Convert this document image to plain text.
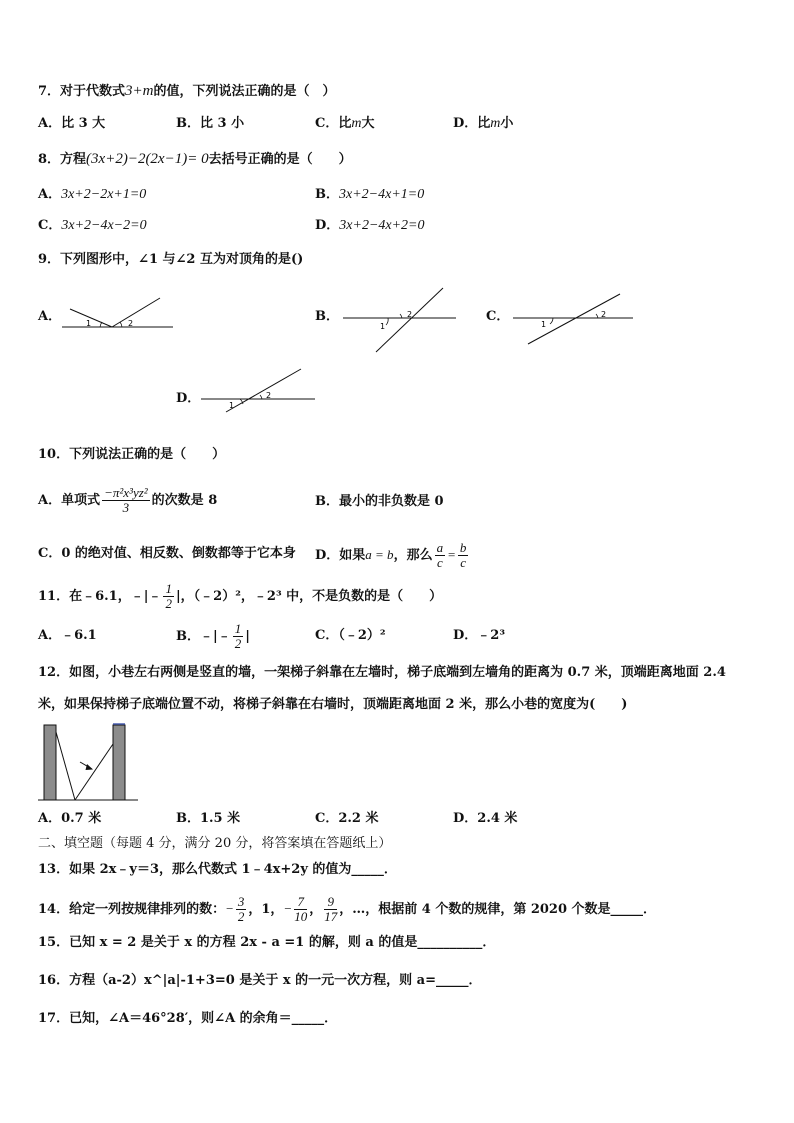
7．对于代数式3+m的值，下列说法正确的是（　）
A．比 3 大	B．比 3 小	C．比m大	D．比m小
8．方程(3x+2)−2(2x−1)= 0去括号正确的是（　　）
A．3x+2−2x+1=0	B．3x+2−4x+1=0
C．3x+2−4x−2=0	D．3x+2−4x+2=0
9．下列图形中，∠1 与∠2 互为对顶角的是()
A．	1	2	B．
1
2	C．
1
2
D．	1
2
10．下列说法正确的是（　　）
A．单项式 $\frac{\text{−π²x³yz²}}{3}$ 的次数是 8	B．最小的非负数是 0
C．0 的绝对值、相反数、倒数都等于它本身 D．如果a = b，那么 $\frac{a}{c} = \frac{b}{c}$
11．在﹣6.1，﹣|﹣ $\frac{1}{2}$ |，（﹣2）²，﹣2³ 中，不是负数的是（　　）
A．﹣6.1	B．﹣|﹣ $\frac{1}{2}$ |	C．（﹣2）²	D．﹣2³
12．如图，小巷左右两侧是竖直的墙，一架梯子斜靠在左墙时，梯子底端到左墙角的距离为 0.7 米，顶端距离地面 2.4
米，如果保持梯子底端位置不动，将梯子斜靠在右墙时，顶端距离地面 2 米，那么小巷的宽度为(　　)
A．0.7 米	B．1.5 米	C．2.2 米	D．2.4 米
二、填空题（每题 4 分，满分 20 分，将答案填在答题纸上）
13．如果 2x﹣y＝3，那么代数式 1﹣4x+2y 的值为_____．
14．给定一列按规律排列的数：− $\frac{3}{2}$ ，1，− $\frac{7}{10}$ ， $\frac{9}{17}$ ，…，根据前 4 个数的规律，第 2020 个数是_____．
15．已知 x = 2 是关于 x 的方程 2x - a =1 的解，则 a 的值是__________．
16．方程（a-2）x^|a|-1+3=0 是关于 x 的一元一次方程，则 a=_____．
17．已知，∠A＝46°28′，则∠A 的余角＝_____．
